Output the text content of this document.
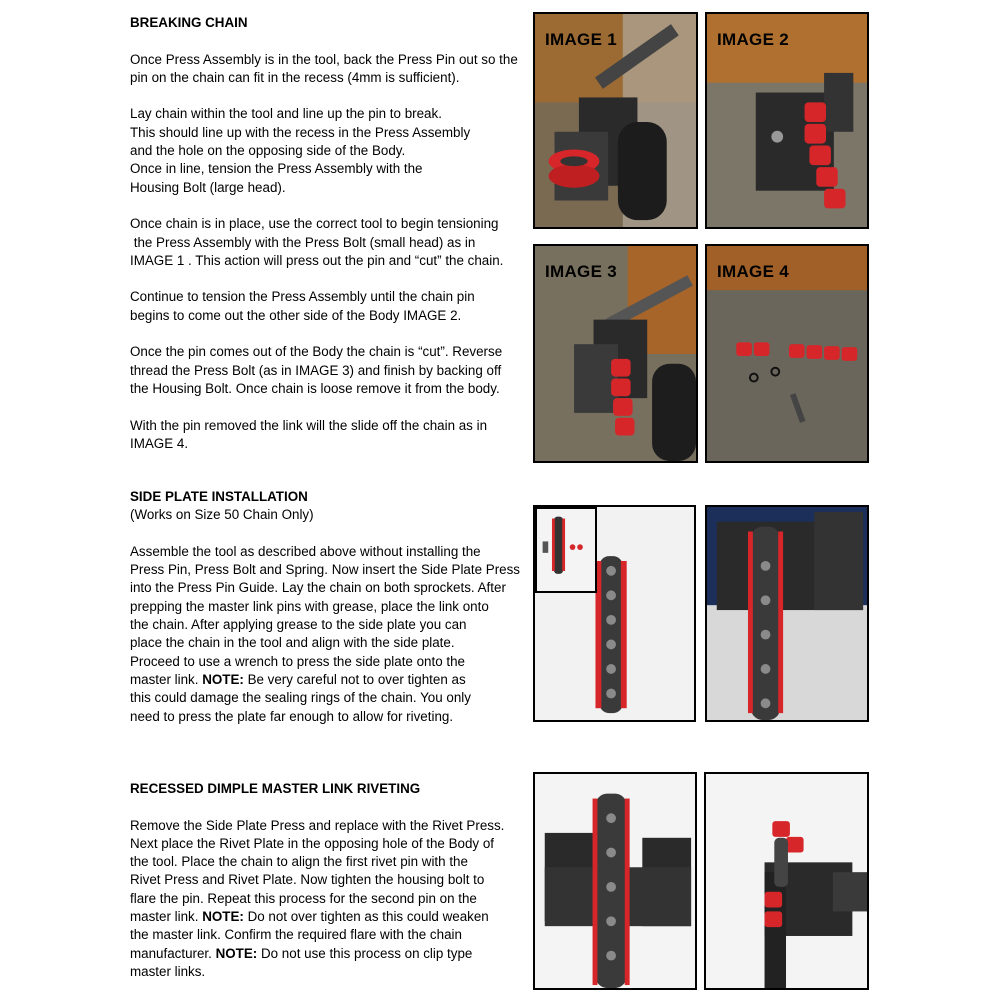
BREAKING CHAIN

Once Press Assembly is in the tool, back the Press Pin out so the

pin on the chain can fit in the recess (4mm is sufficient).

Lay chain within the tool and line up the pin to break.

This should line up with the recess in the Press Assembly

and the hole on the opposing side of the Body.

Once in line, tension the Press Assembly with the

Housing Bolt (large head).

Once chain is in place, use the correct tool to begin tensioning

the Press Assembly with the Press Bolt (small head) as in

IMAGE 1 . This action will press out the pin and “cut” the chain.

Continue to tension the Press Assembly until the chain pin

begins to come out the other side of the Body IMAGE 2.

Once the pin comes out of the Body the chain is “cut”. Reverse

thread the Press Bolt (as in IMAGE 3) and finish by backing off

the Housing Bolt. Once chain is loose remove it from the body.

With the pin removed the link will the slide off the chain as in

IMAGE 4.

IMAGE 1	IMAGE 2
IMAGE 3	IMAGE 4

SIDE PLATE INSTALLATION

(Works on Size 50 Chain Only)

Assemble the tool as described above without installing the

Press Pin, Press Bolt and Spring. Now insert the Side Plate Press

into the Press Pin Guide. Lay the chain on both sprockets. After

prepping the master link pins with grease, place the link onto

the chain. After applying grease to the side plate you can

place the chain in the tool and align with the side plate.

Proceed to use a wrench to press the side plate onto the

master link. NOTE: Be very careful not to over tighten as

this could damage the sealing rings of the chain. You only

need to press the plate far enough to allow for riveting.

RECESSED DIMPLE MASTER LINK RIVETING

Remove the Side Plate Press and replace with the Rivet Press.

Next place the Rivet Plate in the opposing hole of the Body of

the tool. Place the chain to align the first rivet pin with the

Rivet Press and Rivet Plate. Now tighten the housing bolt to

flare the pin. Repeat this process for the second pin on the

master link. NOTE: Do not over tighten as this could weaken

the master link. Confirm the required flare with the chain

manufacturer. NOTE: Do not use this process on clip type

master links.
